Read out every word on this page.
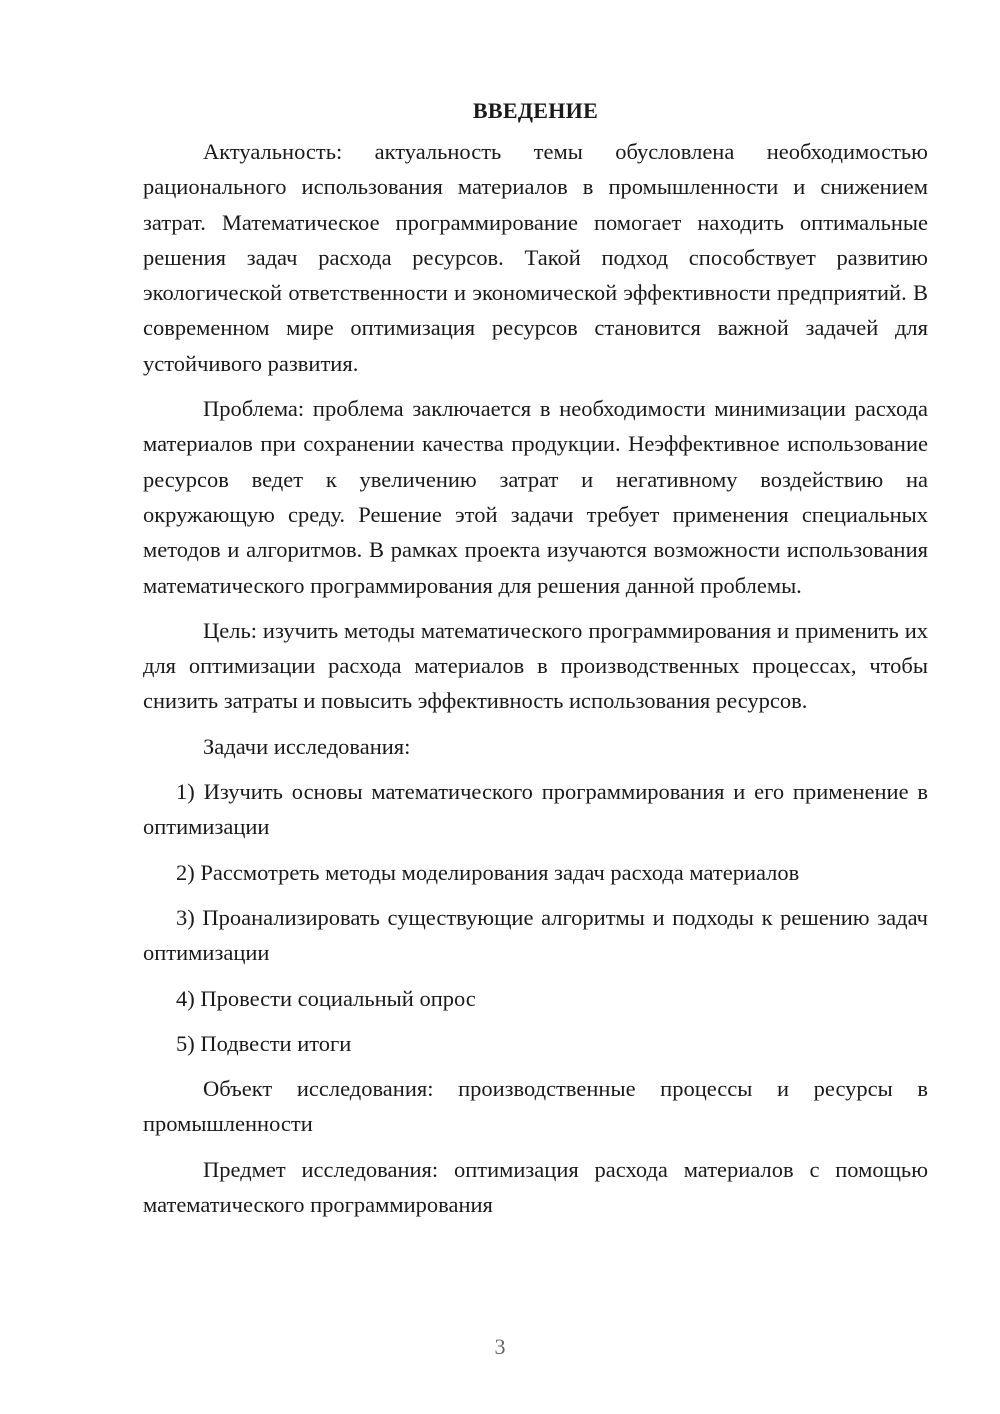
ВВЕДЕНИЕ

Актуальность: актуальность темы обусловлена необходимостью рационального использования материалов в промышленности и снижением затрат. Математическое программирование помогает находить оптимальные решения задач расхода ресурсов. Такой подход способствует развитию экологической ответственности и экономической эффективности предприятий. В современном мире оптимизация ресурсов становится важной задачей для устойчивого развития.

Проблема: проблема заключается в необходимости минимизации расхода материалов при сохранении качества продукции. Неэффективное использование ресурсов ведет к увеличению затрат и негативному воздействию на окружающую среду. Решение этой задачи требует применения специальных методов и алгоритмов. В рамках проекта изучаются возможности использования математического программирования для решения данной проблемы.

Цель: изучить методы математического программирования и применить их для оптимизации расхода материалов в производственных процессах, чтобы снизить затраты и повысить эффективность использования ресурсов.

Задачи исследования:

1) Изучить основы математического программирования и его применение в оптимизации

2) Рассмотреть методы моделирования задач расхода материалов

3) Проанализировать существующие алгоритмы и подходы к решению задач оптимизации

4) Провести социальный опрос

5) Подвести итоги

Объект исследования: производственные процессы и ресурсы в промышленности

Предмет исследования: оптимизация расхода материалов с помощью математического программирования

3
